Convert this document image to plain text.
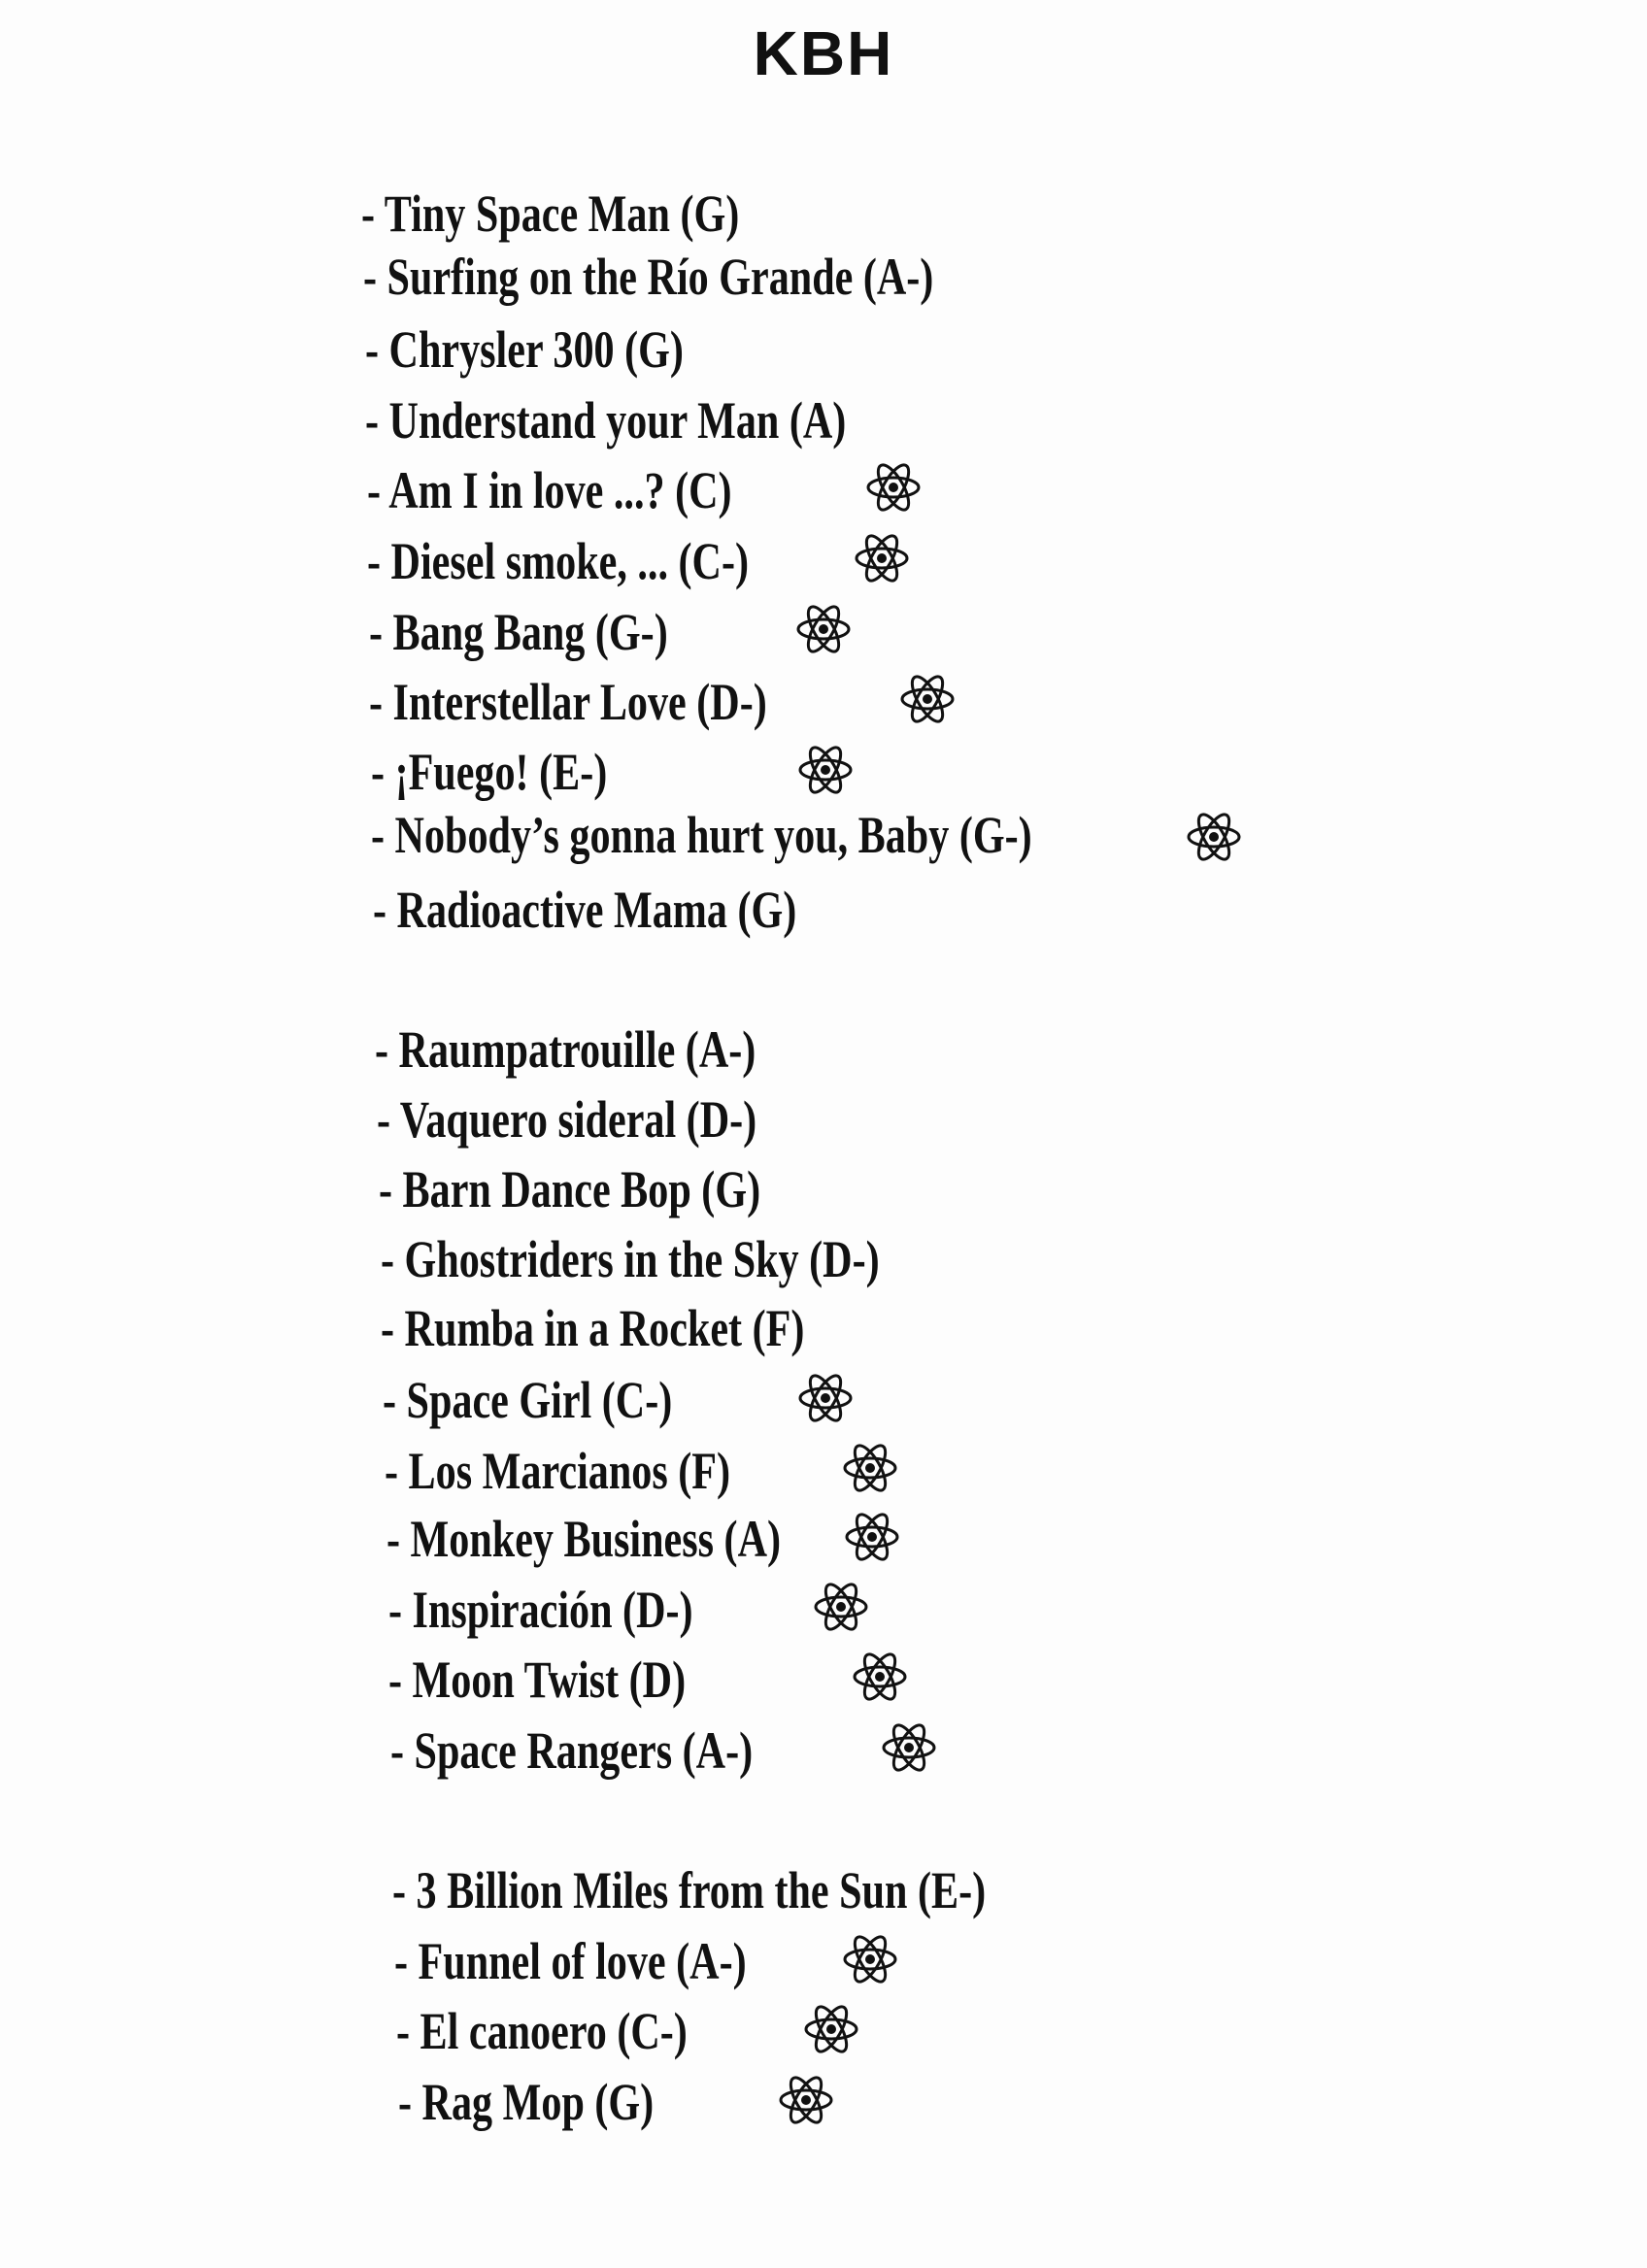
KBH
- Tiny Space Man (G)
- Surfing on the Río Grande (A-)
- Chrysler 300 (G)
- Understand your Man (A)
- Am I in love ...? (C)
- Diesel smoke, ... (C-)
- Bang Bang (G-)
- Interstellar Love (D-)
- ¡Fuego! (E-)
- Nobody’s gonna hurt you, Baby (G-)
- Radioactive Mama (G)
- Raumpatrouille (A-)
- Vaquero sideral (D-)
- Barn Dance Bop (G)
- Ghostriders in the Sky (D-)
- Rumba in a Rocket (F)
- Space Girl (C-)
- Los Marcianos (F)
- Monkey Business (A)
- Inspiración (D-)
- Moon Twist (D)
- Space Rangers (A-)
- 3 Billion Miles from the Sun (E-)
- Funnel of love (A-)
- El canoero (C-)
- Rag Mop (G)
